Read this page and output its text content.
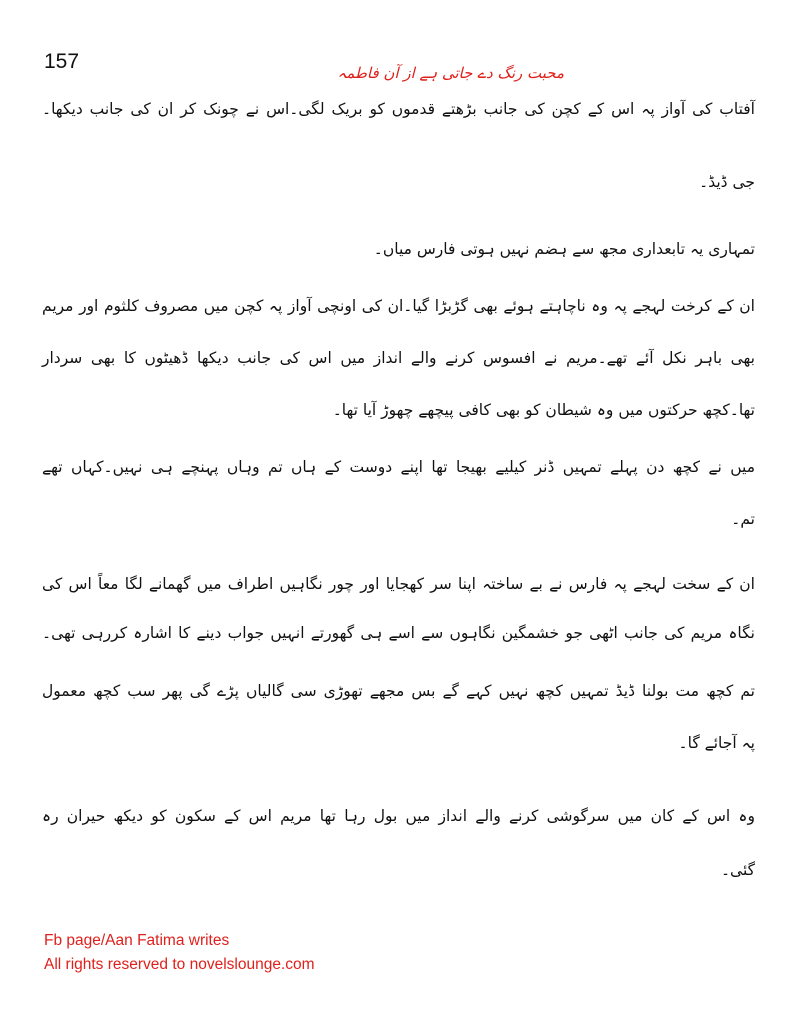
157	محبت رنگ دے جاتی ہے از آن فاطمہ
آفتاب کی آواز پہ اس کے کچن کی جانب بڑھتے قدموں کو بریک لگی۔اس نے چونک کر ان کی جانب دیکھا۔
جی ڈیڈ۔
تمہاری یہ تابعداری مجھ سے ہضم نہیں ہوتی فارس میاں۔
ان کے کرخت لہجے پہ وہ ناچاہتے ہوئے بھی گڑبڑا گیا۔ان کی اونچی آواز پہ کچن میں مصروف کلثوم اور مریم
بھی باہر نکل آئے تھے۔مریم نے افسوس کرنے والے انداز میں اس کی جانب دیکھا ڈھیٹوں کا بھی سردار
تھا۔کچھ حرکتوں میں وہ شیطان کو بھی کافی پیچھے چھوڑ آیا تھا۔
میں نے کچھ دن پہلے تمہیں ڈنر کیلیے بھیجا تھا اپنے دوست کے ہاں تم وہاں پہنچے ہی نہیں۔کہاں تھے
تم۔
ان کے سخت لہجے پہ فارس نے بے ساختہ اپنا سر کھجایا اور چور نگاہیں اطراف میں گھمانے لگا معاً اس کی
نگاہ مریم کی جانب اٹھی جو خشمگین نگاہوں سے اسے ہی گھورتے انہیں جواب دینے کا اشارہ کررہی تھی۔
تم کچھ مت بولنا ڈیڈ تمہیں کچھ نہیں کہے گے بس مجھے تھوڑی سی گالیاں پڑے گی پھر سب کچھ معمول
پہ آجائے گا۔
وہ اس کے کان میں سرگوشی کرنے والے انداز میں بول رہا تھا مریم اس کے سکون کو دیکھ حیران رہ
گئی۔
Fb page/Aan Fatima writes
All rights reserved to novelslounge.com
